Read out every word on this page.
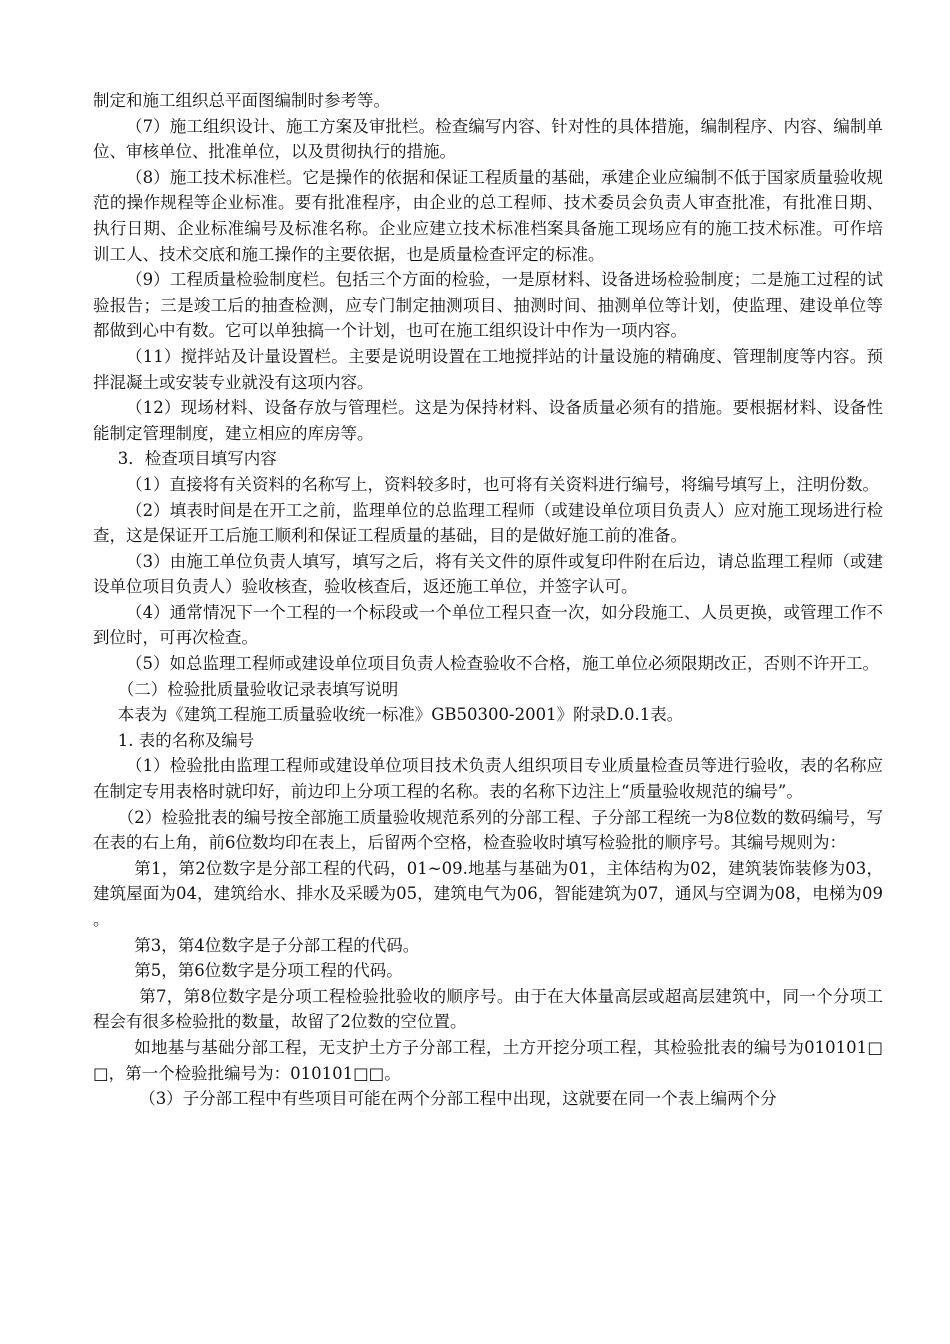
制定和施工组织总平面图编制时参考等。

（7）施工组织设计、施工方案及审批栏。检查编写内容、针对性的具体措施，编制程序、内容、编制单位、审核单位、批准单位，以及贯彻执行的措施。

（8）施工技术标准栏。它是操作的依据和保证工程质量的基础，承建企业应编制不低于国家质量验收规范的操作规程等企业标准。要有批准程序，由企业的总工程师、技术委员会负责人审查批准，有批准日期、执行日期、企业标准编号及标准名称。企业应建立技术标准档案具备施工现场应有的施工技术标准。可作培训工人、技术交底和施工操作的主要依据，也是质量检查评定的标准。

（9）工程质量检验制度栏。包括三个方面的检验，一是原材料、设备进场检验制度；二是施工过程的试验报告；三是竣工后的抽查检测，应专门制定抽测项目、抽测时间、抽测单位等计划，使监理、建设单位等都做到心中有数。它可以单独搞一个计划，也可在施工组织设计中作为一项内容。

（11）搅拌站及计量设置栏。主要是说明设置在工地搅拌站的计量设施的精确度、管理制度等内容。预拌混凝土或安装专业就没有这项内容。

（12）现场材料、设备存放与管理栏。这是为保持材料、设备质量必须有的措施。要根据材料、设备性能制定管理制度，建立相应的库房等。

3．检查项目填写内容

（1）直接将有关资料的名称写上，资料较多时，也可将有关资料进行编号，将编号填写上，注明份数。

（2）填表时间是在开工之前，监理单位的总监理工程师（或建设单位项目负责人）应对施工现场进行检查，这是保证开工后施工顺利和保证工程质量的基础，目的是做好施工前的准备。

（3）由施工单位负责人填写，填写之后，将有关文件的原件或复印件附在后边，请总监理工程师（或建设单位项目负责人）验收核查，验收核查后，返还施工单位，并签字认可。

（4）通常情况下一个工程的一个标段或一个单位工程只查一次，如分段施工、人员更换，或管理工作不到位时，可再次检查。

（5）如总监理工程师或建设单位项目负责人检查验收不合格，施工单位必须限期改正，否则不许开工。

（二）检验批质量验收记录表填写说明

本表为《建筑工程施工质量验收统一标准》GB50300-2001》附录D.0.1表。

1. 表的名称及编号

（1）检验批由监理工程师或建设单位项目技术负责人组织项目专业质量检查员等进行验收，表的名称应在制定专用表格时就印好，前边印上分项工程的名称。表的名称下边注上“质量验收规范的编号”。

（2）检验批表的编号按全部施工质量验收规范系列的分部工程、子分部工程统一为8位数的数码编号，写在表的右上角，前6位数均印在表上，后留两个空格，检查验收时填写检验批的顺序号。其编号规则为：

第1，第2位数字是分部工程的代码，01~09.地基与基础为01，主体结构为02，建筑装饰装修为03，建筑屋面为04，建筑给水、排水及采暖为05，建筑电气为06，智能建筑为07，通风与空调为08，电梯为09。

第3，第4位数字是子分部工程的代码。

第5，第6位数字是分项工程的代码。

第7，第8位数字是分项工程检验批验收的顺序号。由于在大体量高层或超高层建筑中，同一个分项工程会有很多检验批的数量，故留了2位数的空位置。

如地基与基础分部工程，无支护土方子分部工程，土方开挖分项工程，其检验批表的编号为010101□□，第一个检验批编号为：010101□□。

（3）子分部工程中有些项目可能在两个分部工程中出现，这就要在同一个表上编两个分
